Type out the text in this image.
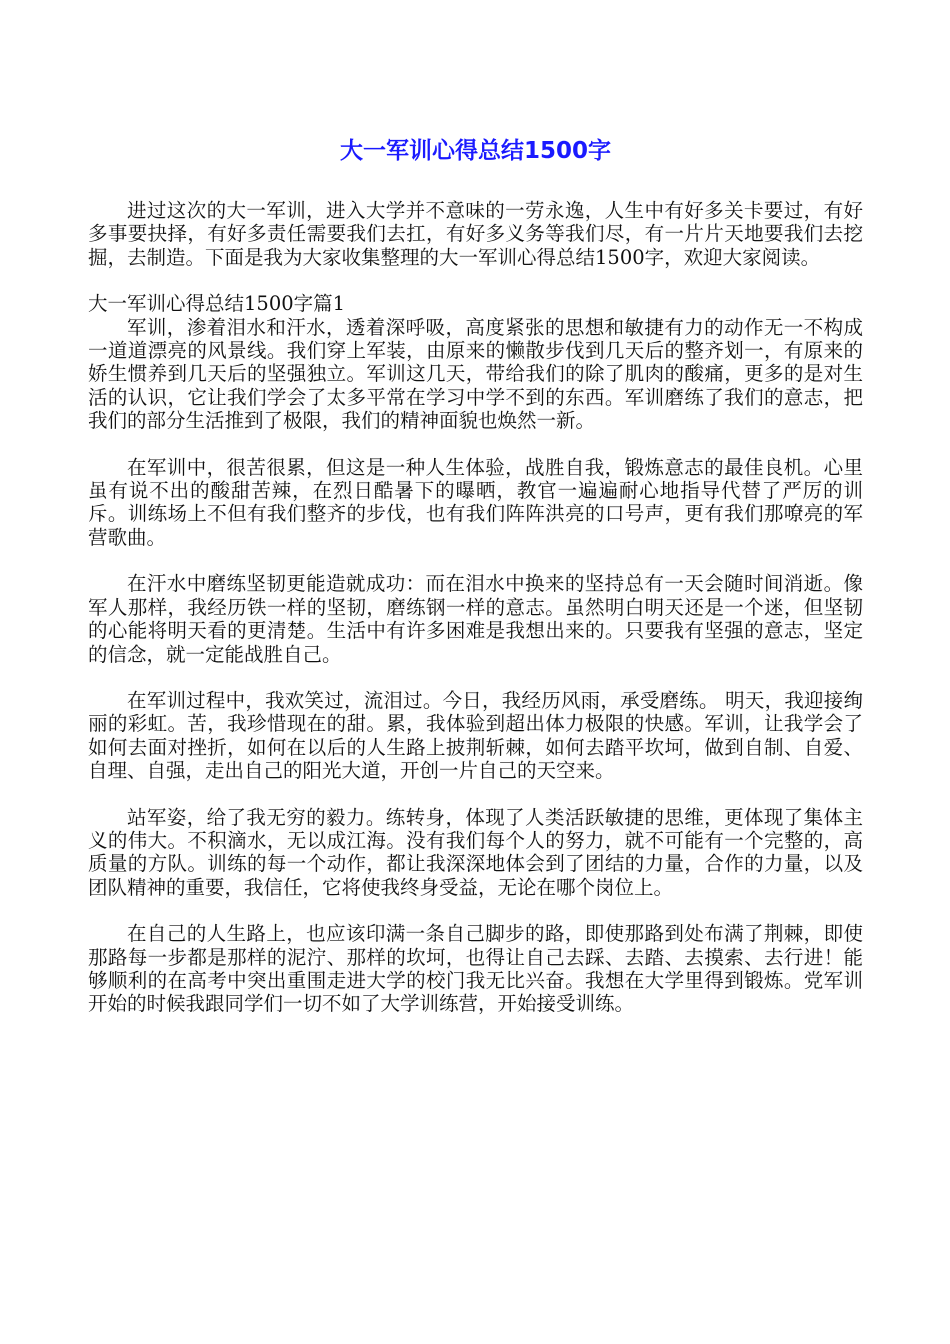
大一军训心得总结1500字

进过这次的大一军训，进入大学并不意味的一劳永逸，人生中有好多关卡要过，有好多事要抉择，有好多责任需要我们去扛，有好多义务等我们尽，有一片片天地要我们去挖掘，去制造。下面是我为大家收集整理的大一军训心得总结1500字，欢迎大家阅读。

大一军训心得总结1500字篇1

军训，渗着泪水和汗水，透着深呼吸，高度紧张的思想和敏捷有力的动作无一不构成一道道漂亮的风景线。我们穿上军装，由原来的懒散步伐到几天后的整齐划一，有原来的娇生惯养到几天后的坚强独立。军训这几天，带给我们的除了肌肉的酸痛，更多的是对生活的认识，它让我们学会了太多平常在学习中学不到的东西。军训磨练了我们的意志，把我们的部分生活推到了极限，我们的精神面貌也焕然一新。

在军训中，很苦很累，但这是一种人生体验，战胜自我，锻炼意志的最佳良机。心里虽有说不出的酸甜苦辣，在烈日酷暑下的曝晒，教官一遍遍耐心地指导代替了严厉的训斥。训练场上不但有我们整齐的步伐，也有我们阵阵洪亮的口号声，更有我们那嘹亮的军营歌曲。

在汗水中磨练坚韧更能造就成功：而在泪水中换来的坚持总有一天会随时间消逝。像军人那样，我经历铁一样的坚韧，磨练钢一样的意志。虽然明白明天还是一个迷，但坚韧的心能将明天看的更清楚。生活中有许多困难是我想出来的。只要我有坚强的意志，坚定的信念，就一定能战胜自己。

在军训过程中，我欢笑过，流泪过。今日，我经历风雨，承受磨练。 明天，我迎接绚丽的彩虹。苦，我珍惜现在的甜。累，我体验到超出体力极限的快感。军训，让我学会了如何去面对挫折，如何在以后的人生路上披荆斩棘，如何去踏平坎坷，做到自制、自爱、自理、自强，走出自己的阳光大道，开创一片自己的天空来。

站军姿，给了我无穷的毅力。练转身，体现了人类活跃敏捷的思维，更体现了集体主义的伟大。不积滴水，无以成江海。没有我们每个人的努力，就不可能有一个完整的，高质量的方队。训练的每一个动作，都让我深深地体会到了团结的力量，合作的力量，以及团队精神的重要，我信任，它将使我终身受益，无论在哪个岗位上。

在自己的人生路上，也应该印满一条自己脚步的路，即使那路到处布满了荆棘，即使那路每一步都是那样的泥泞、那样的坎坷，也得让自己去踩、去踏、去摸索、去行进！能够顺利的在高考中突出重围走进大学的校门我无比兴奋。我想在大学里得到锻炼。党军训开始的时候我跟同学们一切不如了大学训练营，开始接受训练。
